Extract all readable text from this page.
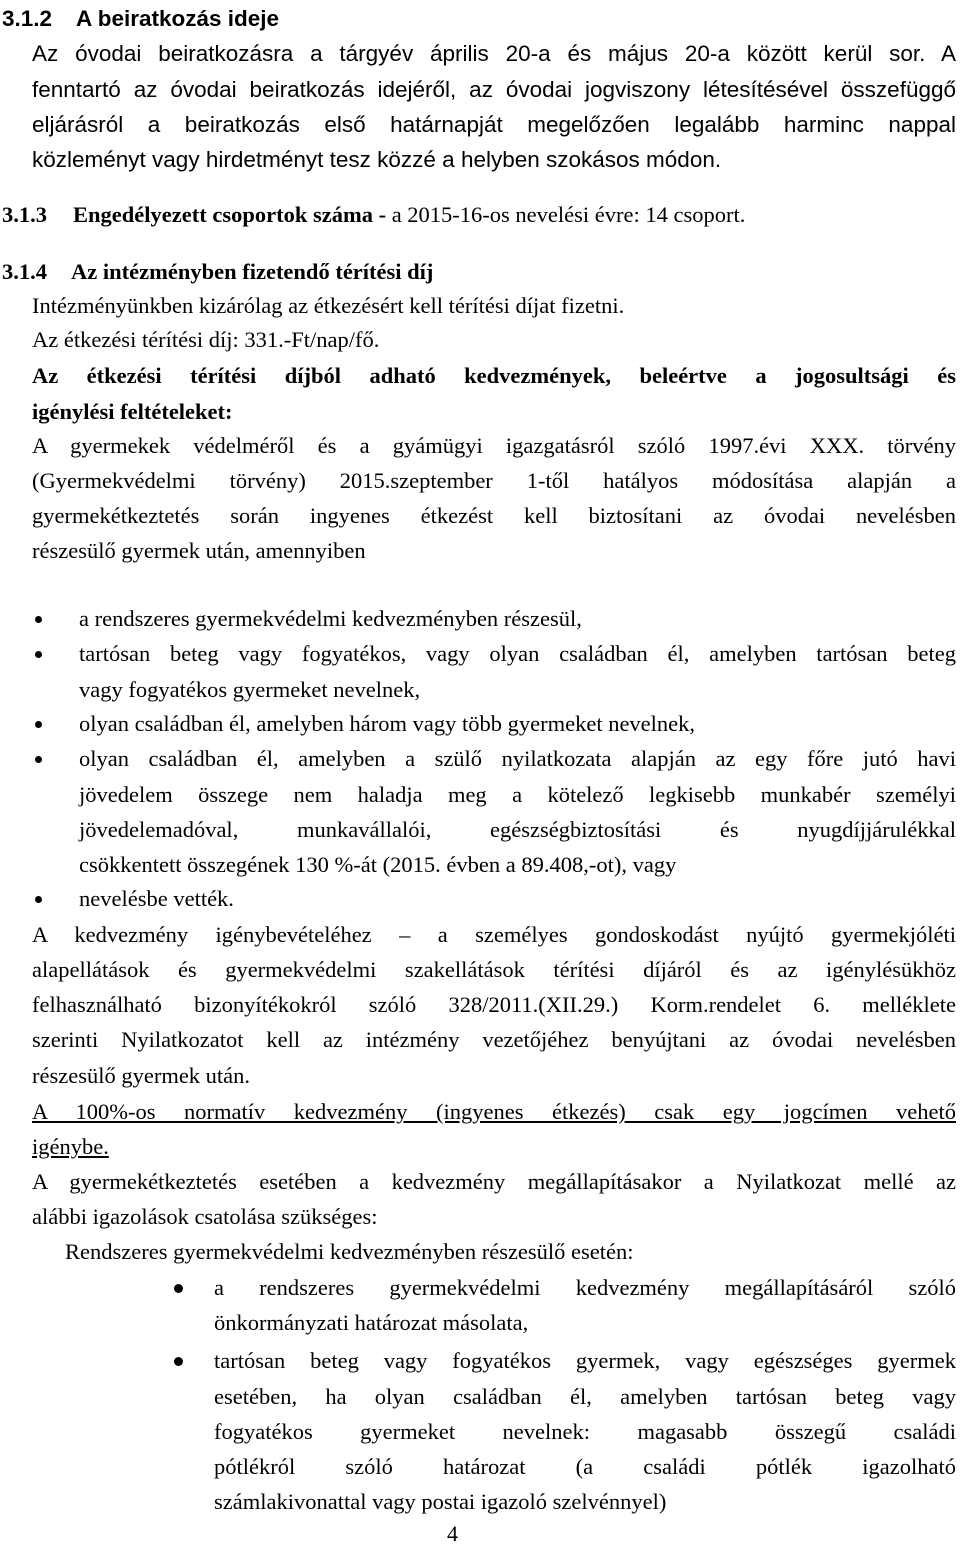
3.1.2 A beiratkozás ideje
Az óvodai beiratkozásra a tárgyév április 20-a és május 20-a között kerül sor. A
fenntartó az óvodai beiratkozás idejéről, az óvodai jogviszony létesítésével összefüggő
eljárásról a beiratkozás első határnapját megelőzően legalább harminc nappal
közleményt vagy hirdetményt tesz közzé a helyben szokásos módon.
3.1.3 Engedélyezett csoportok száma - a 2015-16-os nevelési évre: 14 csoport.
3.1.4 Az intézményben fizetendő térítési díj
Intézményünkben kizárólag az étkezésért kell térítési díjat fizetni.
Az étkezési térítési díj: 331.-Ft/nap/fő.
Az étkezési térítési díjból adható kedvezmények, beleértve a jogosultsági és
igénylési feltételeket:
A gyermekek védelméről és a gyámügyi igazgatásról szóló 1997.évi XXX. törvény
(Gyermekvédelmi törvény) 2015.szeptember 1-től hatályos módosítása alapján a
gyermekétkeztetés során ingyenes étkezést kell biztosítani az óvodai nevelésben
részesülő gyermek után, amennyiben
a rendszeres gyermekvédelmi kedvezményben részesül,
tartósan beteg vagy fogyatékos, vagy olyan családban él, amelyben tartósan beteg
vagy fogyatékos gyermeket nevelnek,
olyan családban él, amelyben három vagy több gyermeket nevelnek,
olyan családban él, amelyben a szülő nyilatkozata alapján az egy főre jutó havi
jövedelem összege nem haladja meg a kötelező legkisebb munkabér személyi
jövedelemadóval, munkavállalói, egészségbiztosítási és nyugdíjjárulékkal
csökkentett összegének 130 %-át (2015. évben a 89.408,-ot), vagy
nevelésbe vették.
A kedvezmény igénybevételéhez – a személyes gondoskodást nyújtó gyermekjóléti
alapellátások és gyermekvédelmi szakellátások térítési díjáról és az igénylésükhöz
felhasználható bizonyítékokról szóló 328/2011.(XII.29.) Korm.rendelet 6. melléklete
szerinti Nyilatkozatot kell az intézmény vezetőjéhez benyújtani az óvodai nevelésben
részesülő gyermek után.
A 100%-os normatív kedvezmény (ingyenes étkezés) csak egy jogcímen vehető
igénybe.
A gyermekétkeztetés esetében a kedvezmény megállapításakor a Nyilatkozat mellé az
alábbi igazolások csatolása szükséges:
Rendszeres gyermekvédelmi kedvezményben részesülő esetén:
a rendszeres gyermekvédelmi kedvezmény megállapításáról szóló
önkormányzati határozat másolata,
tartósan beteg vagy fogyatékos gyermek, vagy egészséges gyermek
esetében, ha olyan családban él, amelyben tartósan beteg vagy
fogyatékos gyermeket nevelnek: magasabb összegű családi
pótlékról szóló határozat (a családi pótlék igazolható
számlakivonattal vagy postai igazoló szelvénnyel)
4
